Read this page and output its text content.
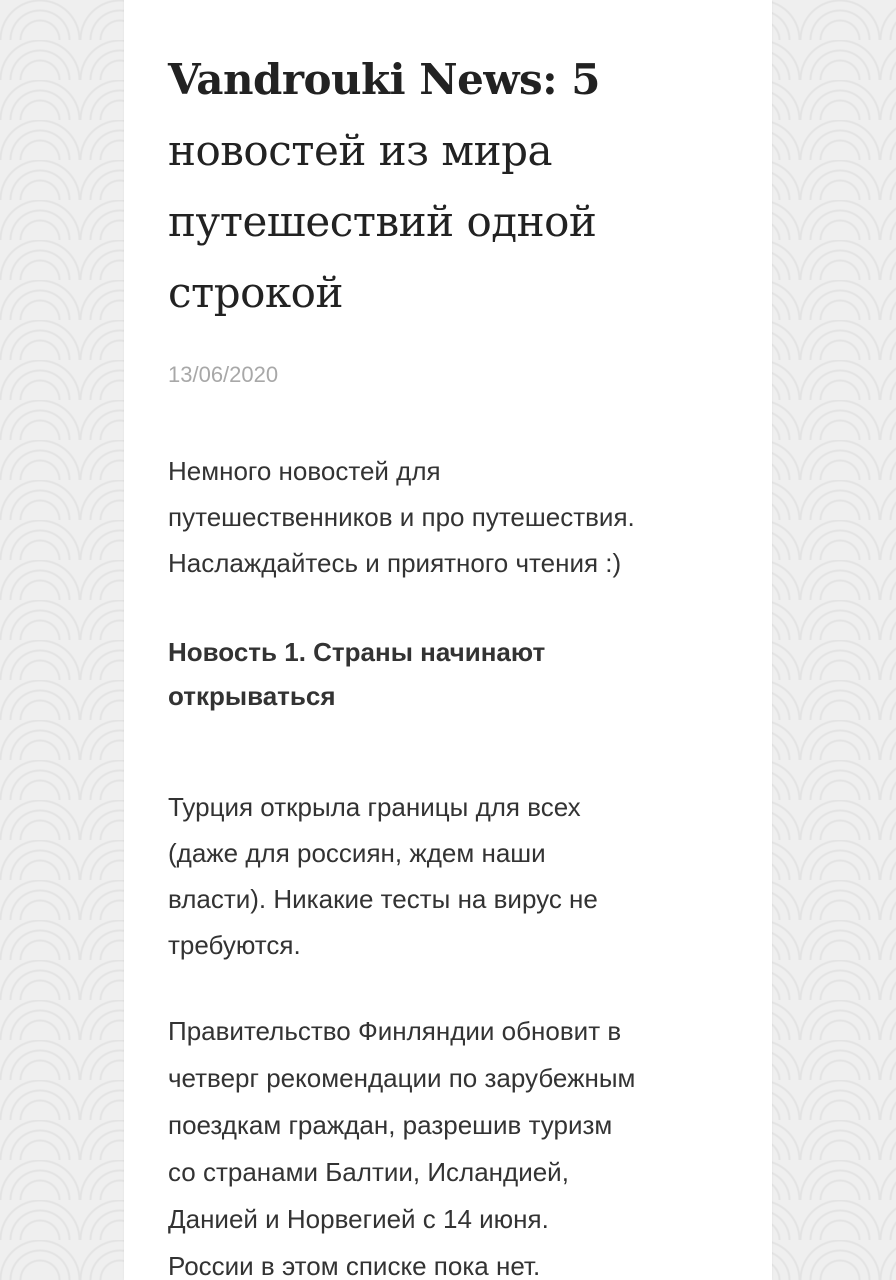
Vandrouki News: 5
новостей из мира
путешествий одной
строкой
13/06/2020

Немного новостей для
путешественников и про путешествия.
Наслаждайтесь и приятного чтения :)

Новость 1. Страны начинают
открываться

Турция открыла границы для всех
(даже для россиян, ждем наши
власти). Никакие тесты на вирус не
требуются.

Правительство Финляндии обновит в
четверг рекомендации по зарубежным
поездкам граждан, разрешив туризм
со странами Балтии, Исландией,
Данией и Норвегией с 14 июня.
России в этом списке пока нет.
